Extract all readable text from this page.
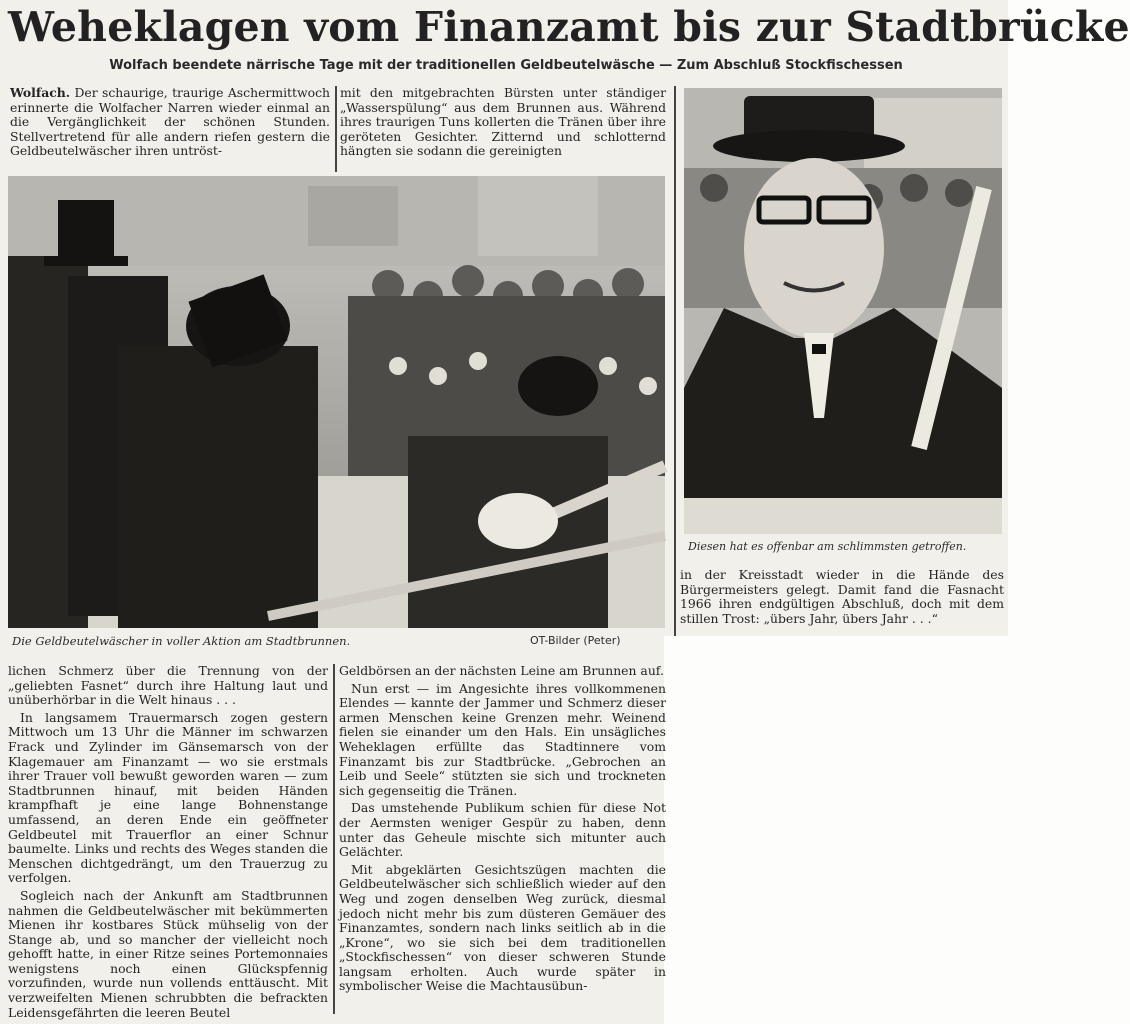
Weheklagen vom Finanzamt bis zur Stadtbrücke
Wolfach beendete närrische Tage mit der traditionellen Geldbeutelwäsche — Zum Abschluß Stockfischessen

Wolfach. Der schaurige, traurige Aschermittwoch erinnerte die Wolfacher Narren wieder einmal an die Vergänglichkeit der schönen Stunden. Stellvertretend für alle andern riefen gestern die Geldbeutelwäscher ihren untröst-

mit den mitgebrachten Bürsten unter ständiger „Wasserspülung“ aus dem Brunnen aus. Während ihres traurigen Tuns kollerten die Tränen über ihre geröteten Gesichter. Zitternd und schlotternd hängten sie sodann die gereinigten

Die Geldbeutelwäscher in voller Aktion am Stadtbrunnen.	OT-Bilder (Peter)
Diesen hat es offenbar am schlimmsten getroffen.

in der Kreisstadt wieder in die Hände des Bürgermeisters gelegt. Damit fand die Fasnacht 1966 ihren endgültigen Abschluß, doch mit dem stillen Trost: „übers Jahr, übers Jahr . . .“

lichen Schmerz über die Trennung von der „geliebten Fasnet“ durch ihre Haltung laut und unüberhörbar in die Welt hinaus . . .

In langsamem Trauermarsch zogen gestern Mittwoch um 13 Uhr die Männer im schwarzen Frack und Zylinder im Gänsemarsch von der Klagemauer am Finanzamt — wo sie erstmals ihrer Trauer voll bewußt geworden waren — zum Stadtbrunnen hinauf, mit beiden Händen krampfhaft je eine lange Bohnenstange umfassend, an deren Ende ein geöffneter Geldbeutel mit Trauerflor an einer Schnur baumelte. Links und rechts des Weges standen die Menschen dichtgedrängt, um den Trauerzug zu verfolgen.

Sogleich nach der Ankunft am Stadtbrunnen nahmen die Geldbeutelwäscher mit bekümmerten Mienen ihr kostbares Stück mühselig von der Stange ab, und so mancher der vielleicht noch gehofft hatte, in einer Ritze seines Portemonnaies wenigstens noch einen Glückspfennig vorzufinden, wurde nun vollends enttäuscht. Mit verzweifelten Mienen schrubbten die befrackten Leidensgefährten die leeren Beutel

Geldbörsen an der nächsten Leine am Brunnen auf.

Nun erst — im Angesichte ihres vollkommenen Elendes — kannte der Jammer und Schmerz dieser armen Menschen keine Grenzen mehr. Weinend fielen sie einander um den Hals. Ein unsägliches Weheklagen erfüllte das Stadtinnere vom Finanzamt bis zur Stadtbrücke. „Gebrochen an Leib und Seele“ stützten sie sich und trockneten sich gegenseitig die Tränen.

Das umstehende Publikum schien für diese Not der Aermsten weniger Gespür zu haben, denn unter das Geheule mischte sich mitunter auch Gelächter.

Mit abgeklärten Gesichtszügen machten die Geldbeutelwäscher sich schließlich wieder auf den Weg und zogen denselben Weg zurück, diesmal jedoch nicht mehr bis zum düsteren Gemäuer des Finanzamtes, sondern nach links seitlich ab in die „Krone“, wo sie sich bei dem traditionellen „Stockfischessen“ von dieser schweren Stunde langsam erholten. Auch wurde später in symbolischer Weise die Machtausübun-
